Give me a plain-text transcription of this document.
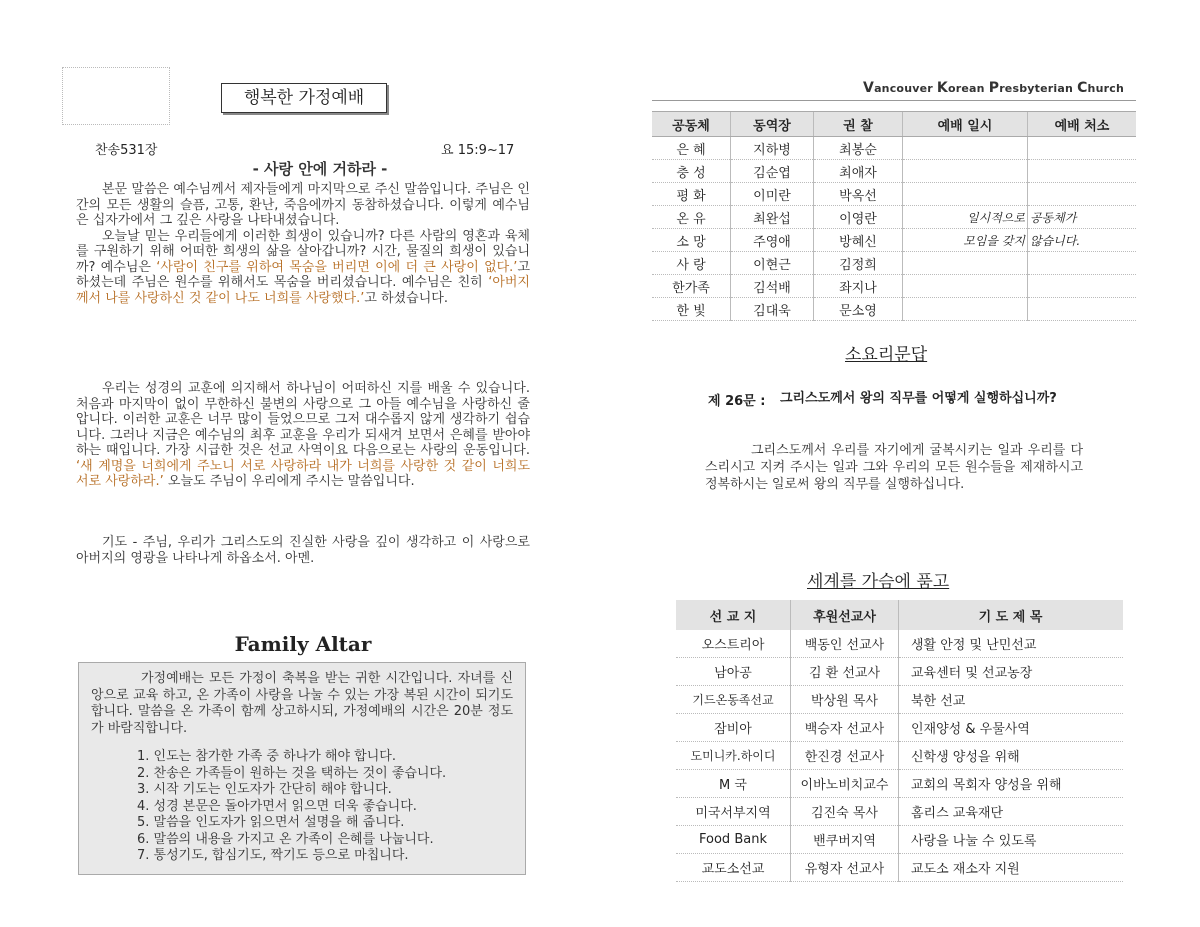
행복한 가정예배
찬송531장	요 15:9~17
- 사랑 안에 거하라 -
본문 말씀은 예수님께서 제자들에게 마지막으로 주신 말씀입니다. 주님은 인간의 모든 생활의 슬픔, 고통, 환난, 죽음에까지 동참하셨습니다. 이렇게 예수님은 십자가에서 그 깊은 사랑을 나타내셨습니다.
오늘날 믿는 우리들에게 이러한 희생이 있습니까? 다른 사람의 영혼과 육체를 구원하기 위해 어떠한 희생의 삶을 살아갑니까? 시간, 물질의 희생이 있습니까? 예수님은 ‘사람이 친구를 위하여 목숨을 버리면 이에 더 큰 사랑이 없다.’고 하셨는데 주님은 원수를 위해서도 목숨을 버리셨습니다. 예수님은 친히 ‘아버지께서 나를 사랑하신 것 같이 나도 너희를 사랑했다.’고 하셨습니다.
우리는 성경의 교훈에 의지해서 하나님이 어떠하신 지를 배울 수 있습니다. 처음과 마지막이 없이 무한하신 불변의 사랑으로 그 아들 예수님을 사랑하신 줄 압니다. 이러한 교훈은 너무 많이 들었으므로 그저 대수롭지 않게 생각하기 쉽습니다. 그러나 지금은 예수님의 최후 교훈을 우리가 되새겨 보면서 은혜를 받아야 하는 때입니다. 가장 시급한 것은 선교 사역이요 다음으로는 사랑의 운동입니다. ‘새 계명을 너희에게 주노니 서로 사랑하라 내가 너희를 사랑한 것 같이 너희도 서로 사랑하라.’ 오늘도 주님이 우리에게 주시는 말씀입니다.
기도 - 주님, 우리가 그리스도의 진실한 사랑을 깊이 생각하고 이 사랑으로 아버지의 영광을 나타나게 하옵소서. 아멘.
Family Altar

가정예배는 모든 가정이 축복을 받는 귀한 시간입니다. 자녀를 신앙으로 교육 하고, 온 가족이 사랑을 나눌 수 있는 가장 복된 시간이 되기도 합니다. 말씀을 온 가족이 함께 상고하시되, 가정예배의 시간은 20분 정도가 바람직합니다.

1. 인도는 참가한 가족 중 하나가 해야 합니다.
2. 찬송은 가족들이 원하는 것을 택하는 것이 좋습니다.
3. 시작 기도는 인도자가 간단히 해야 합니다.
4. 성경 본문은 돌아가면서 읽으면 더욱 좋습니다.
5. 말씀을 인도자가 읽으면서 설명을 해 줍니다.
6. 말씀의 내용을 가지고 온 가족이 은혜를 나눕니다.
7. 통성기도, 합심기도, 짝기도 등으로 마칩니다.
Vancouver Korean Presbyterian Church
공동체	동역장	권 찰	예배 일시	예배 처소
은 혜	지하병	최봉순		
충 성	김순엽	최애자		
평 화	이미란	박옥선		
온 유	최완섭	이영란	일시적으로	공동체가
소 망	주영애	방혜신	모임을 갖지	않습니다.
사 랑	이현근	김정희		
한가족	김석배	좌지나		
한 빛	김대욱	문소영		
소요리문답
제 26문 : 그리스도께서 왕의 직무를 어떻게 실행하십니까?
그리스도께서 우리를 자기에게 굴복시키는 일과 우리를 다스리시고 지켜 주시는 일과 그와 우리의 모든 원수들을 제재하시고 정복하시는 일로써 왕의 직무를 실행하십니다.
세계를 가슴에 품고
선 교 지	후원선교사	기 도 제 목
오스트리아	백동인 선교사	생활 안정 및 난민선교
남아공	김 환 선교사	교육센터 및 선교농장
기드온동족선교	박상원 목사	북한 선교
잠비아	백승자 선교사	인재양성 & 우물사역
도미니카.하이디	한진경 선교사	신학생 양성을 위해
M 국	이바노비치교수	교회의 목회자 양성을 위해
미국서부지역	김진숙 목사	홈리스 교육재단
Food Bank	밴쿠버지역	사랑을 나눌 수 있도록
교도소선교	유형자 선교사	교도소 재소자 지원
